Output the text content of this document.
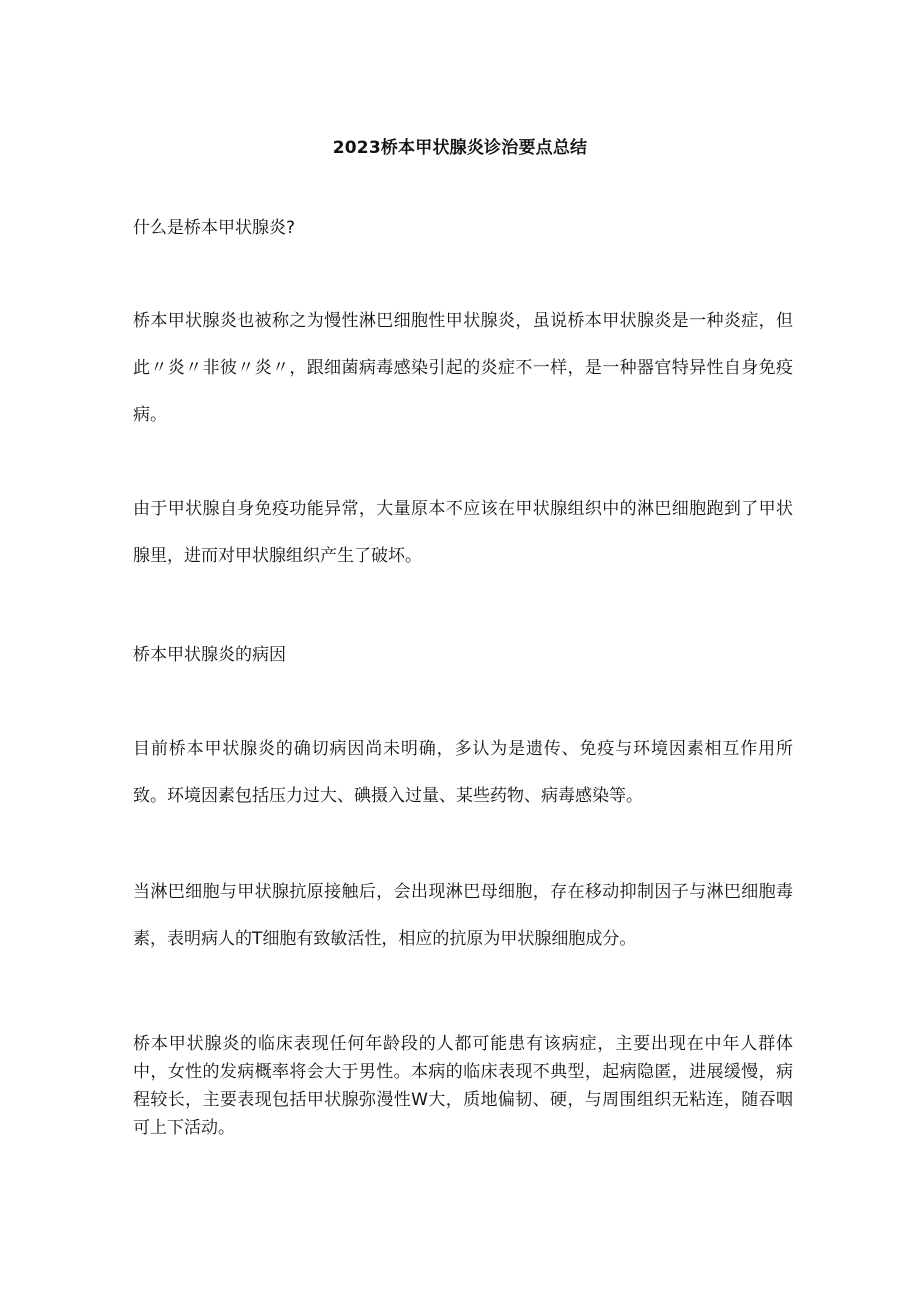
2023桥本甲状腺炎诊治要点总结

什么是桥本甲状腺炎?

桥本甲状腺炎也被称之为慢性淋巴细胞性甲状腺炎，虽说桥本甲状腺炎是一种炎症，但此〃炎〃非彼〃炎〃，跟细菌病毒感染引起的炎症不一样，是一种器官特异性自身免疫病。

由于甲状腺自身免疫功能异常，大量原本不应该在甲状腺组织中的淋巴细胞跑到了甲状腺里，进而对甲状腺组织产生了破坏。

桥本甲状腺炎的病因

目前桥本甲状腺炎的确切病因尚未明确，多认为是遗传、免疫与环境因素相互作用所致。环境因素包括压力过大、碘摄入过量、某些药物、病毒感染等。

当淋巴细胞与甲状腺抗原接触后，会出现淋巴母细胞，存在移动抑制因子与淋巴细胞毒素，表明病人的T细胞有致敏活性，相应的抗原为甲状腺细胞成分。

桥本甲状腺炎的临床表现任何年龄段的人都可能患有该病症，主要出现在中年人群体中，女性的发病概率将会大于男性。本病的临床表现不典型，起病隐匿，进展缓慢，病程较长，主要表现包括甲状腺弥漫性W大，质地偏韧、硬，与周围组织无粘连，随吞咽可上下活动。
